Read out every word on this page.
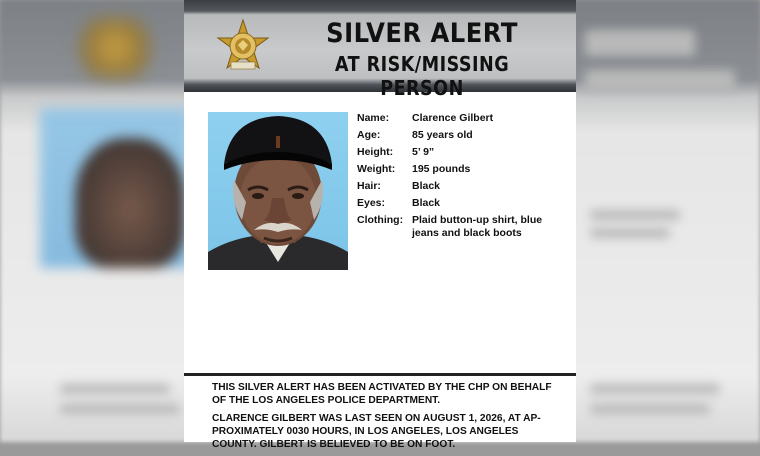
SILVER ALERT
AT RISK/MISSING PERSON
Name:	Clarence Gilbert
Age:	85 years old
Height:	5’ 9”
Weight:	195 pounds
Hair:	Black
Eyes:	Black
Clothing: Plaid button-up shirt, blue jeans and black boots

THIS SILVER ALERT HAS BEEN ACTIVATED BY THE CHP ON BEHALF OF THE LOS ANGELES POLICE DEPARTMENT.

CLARENCE GILBERT WAS LAST SEEN ON AUGUST 1, 2026, AT AP-PROXIMATELY 0030 HOURS, IN LOS ANGELES, LOS ANGELES COUNTY. GILBERT IS BELIEVED TO BE ON FOOT.
